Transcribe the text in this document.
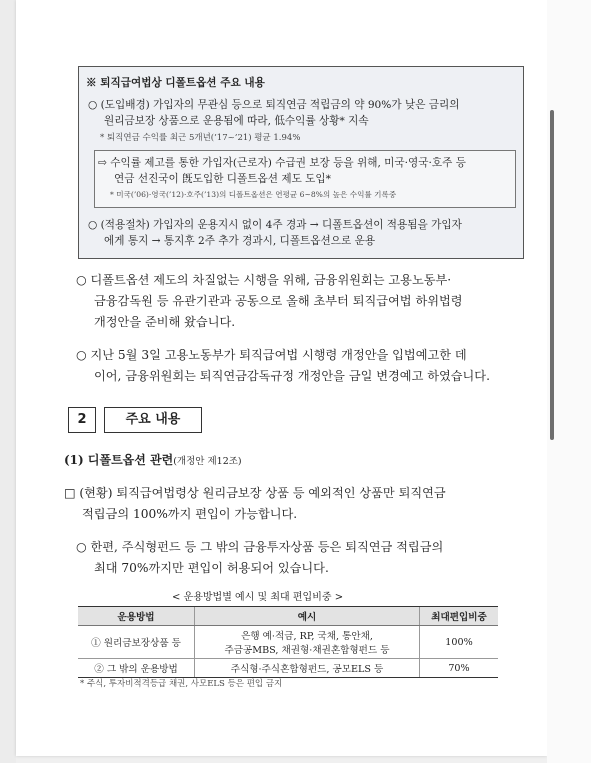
※ 퇴직급여법상 디폴트옵션 주요 내용
○ (도입배경) 가입자의 무관심 등으로 퇴직연금 적립금의 약 90%가 낮은 금리의
원리금보장 상품으로 운용됨에 따라, 低수익률 상황* 지속
* 퇴직연금 수익률 최근 5개년(’17~’21) 평균 1.94%
⇨ 수익률 제고를 통한 가입자(근로자) 수급권 보장 등을 위해, 미국·영국·호주 등
연금 선진국이 旣도입한 디폴트옵션 제도 도입*
* 미국(’06)·영국(’12)·호주(’13)의 디폴트옵션은 연평균 6~8%의 높은 수익률 기록중
○ (적용절차) 가입자의 운용지시 없이 4주 경과 → 디폴트옵션이 적용됨을 가입자
에게 통지 → 통지후 2주 추가 경과시, 디폴트옵션으로 운용
○ 디폴트옵션 제도의 차질없는 시행을 위해, 금융위원회는 고용노동부·
금융감독원 등 유관기관과 공동으로 올해 초부터 퇴직급여법 하위법령
개정안을 준비해 왔습니다.
○ 지난 5월 3일 고용노동부가 퇴직급여법 시행령 개정안을 입법예고한 데
이어, 금융위원회는 퇴직연금감독규정 개정안을 금일 변경예고 하였습니다.
2	주요 내용
(1) 디폴트옵션 관련(개정안 제12조)
□ (현황) 퇴직급여법령상 원리금보장 상품 등 예외적인 상품만 퇴직연금
적립금의 100%까지 편입이 가능합니다.
○ 한편, 주식형펀드 등 그 밖의 금융투자상품 등은 퇴직연금 적립금의
최대 70%까지만 편입이 허용되어 있습니다.
< 운용방법별 예시 및 최대 편입비중 >
운용방법	예시	최대편입비중
① 원리금보장상품 등	은행 예·적금, RP, 국채, 통안채,
주금공MBS, 채권형·채권혼합형펀드 등	100%
② 그 밖의 운용방법	주식형·주식혼합형펀드, 공모ELS 등	70%
* 주식, 투자비적격등급 채권, 사모ELS 등은 편입 금지
